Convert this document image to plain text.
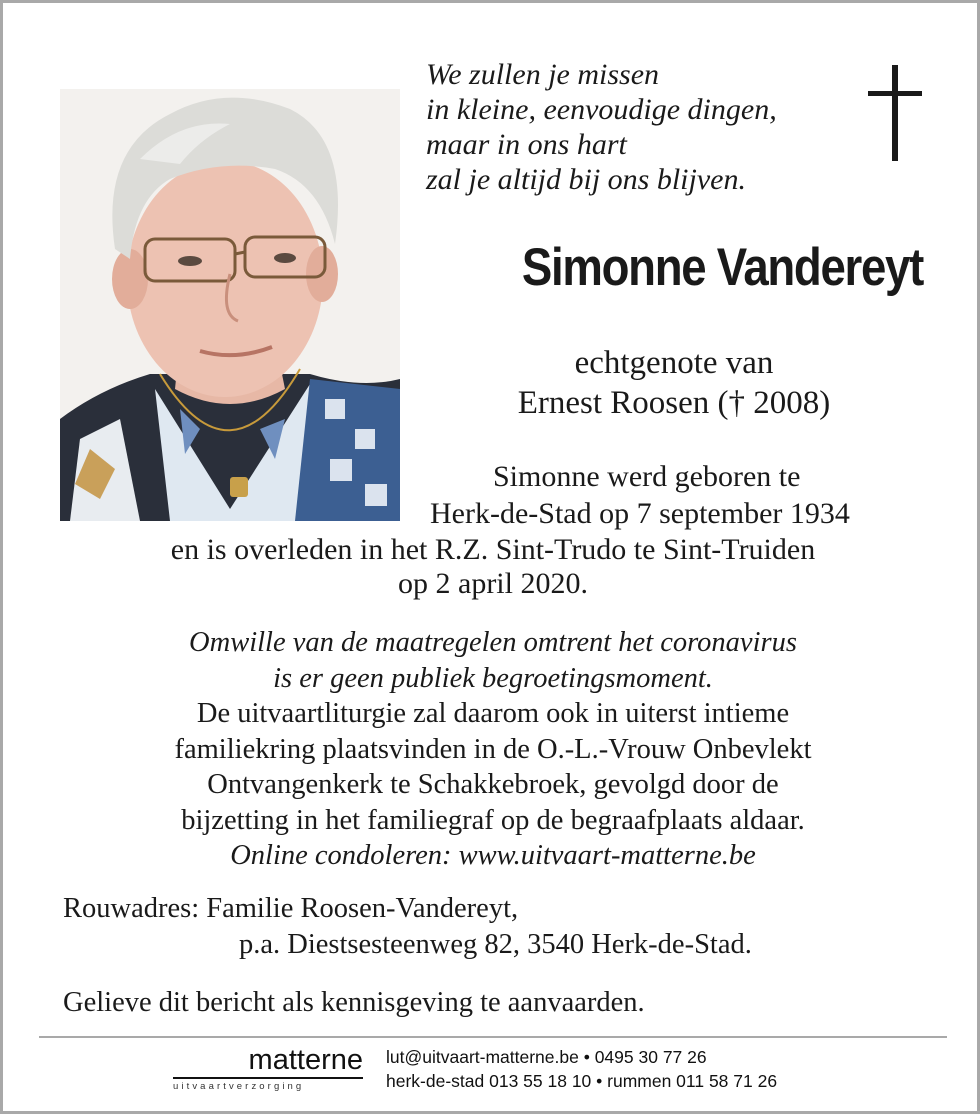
We zullen je missen
in kleine, eenvoudige dingen,
maar in ons hart
zal je altijd bij ons blijven.
Simonne Vandereyt
echtgenote van
Ernest Roosen († 2008)
Simonne werd geboren te
Herk-de-Stad op 7 september 1934
en is overleden in het R.Z. Sint-Trudo te Sint-Truiden
op 2 april 2020.
Omwille van de maatregelen omtrent het coronavirus
is er geen publiek begroetingsmoment.
De uitvaartliturgie zal daarom ook in uiterst intieme
familiekring plaatsvinden in de O.-L.-Vrouw Onbevlekt
Ontvangenkerk te Schakkebroek, gevolgd door de
bijzetting in het familiegraf op de begraafplaats aldaar.
Online condoleren: www.uitvaart-matterne.be
Rouwadres: Familie Roosen-Vandereyt,
p.a. Diestsesteenweg 82, 3540 Herk-de-Stad.
Gelieve dit bericht als kennisgeving te aanvaarden.
matterne
uitvaartverzorging
lut@uitvaart-matterne.be • 0495 30 77 26
herk-de-stad 013 55 18 10 • rummen 011 58 71 26
